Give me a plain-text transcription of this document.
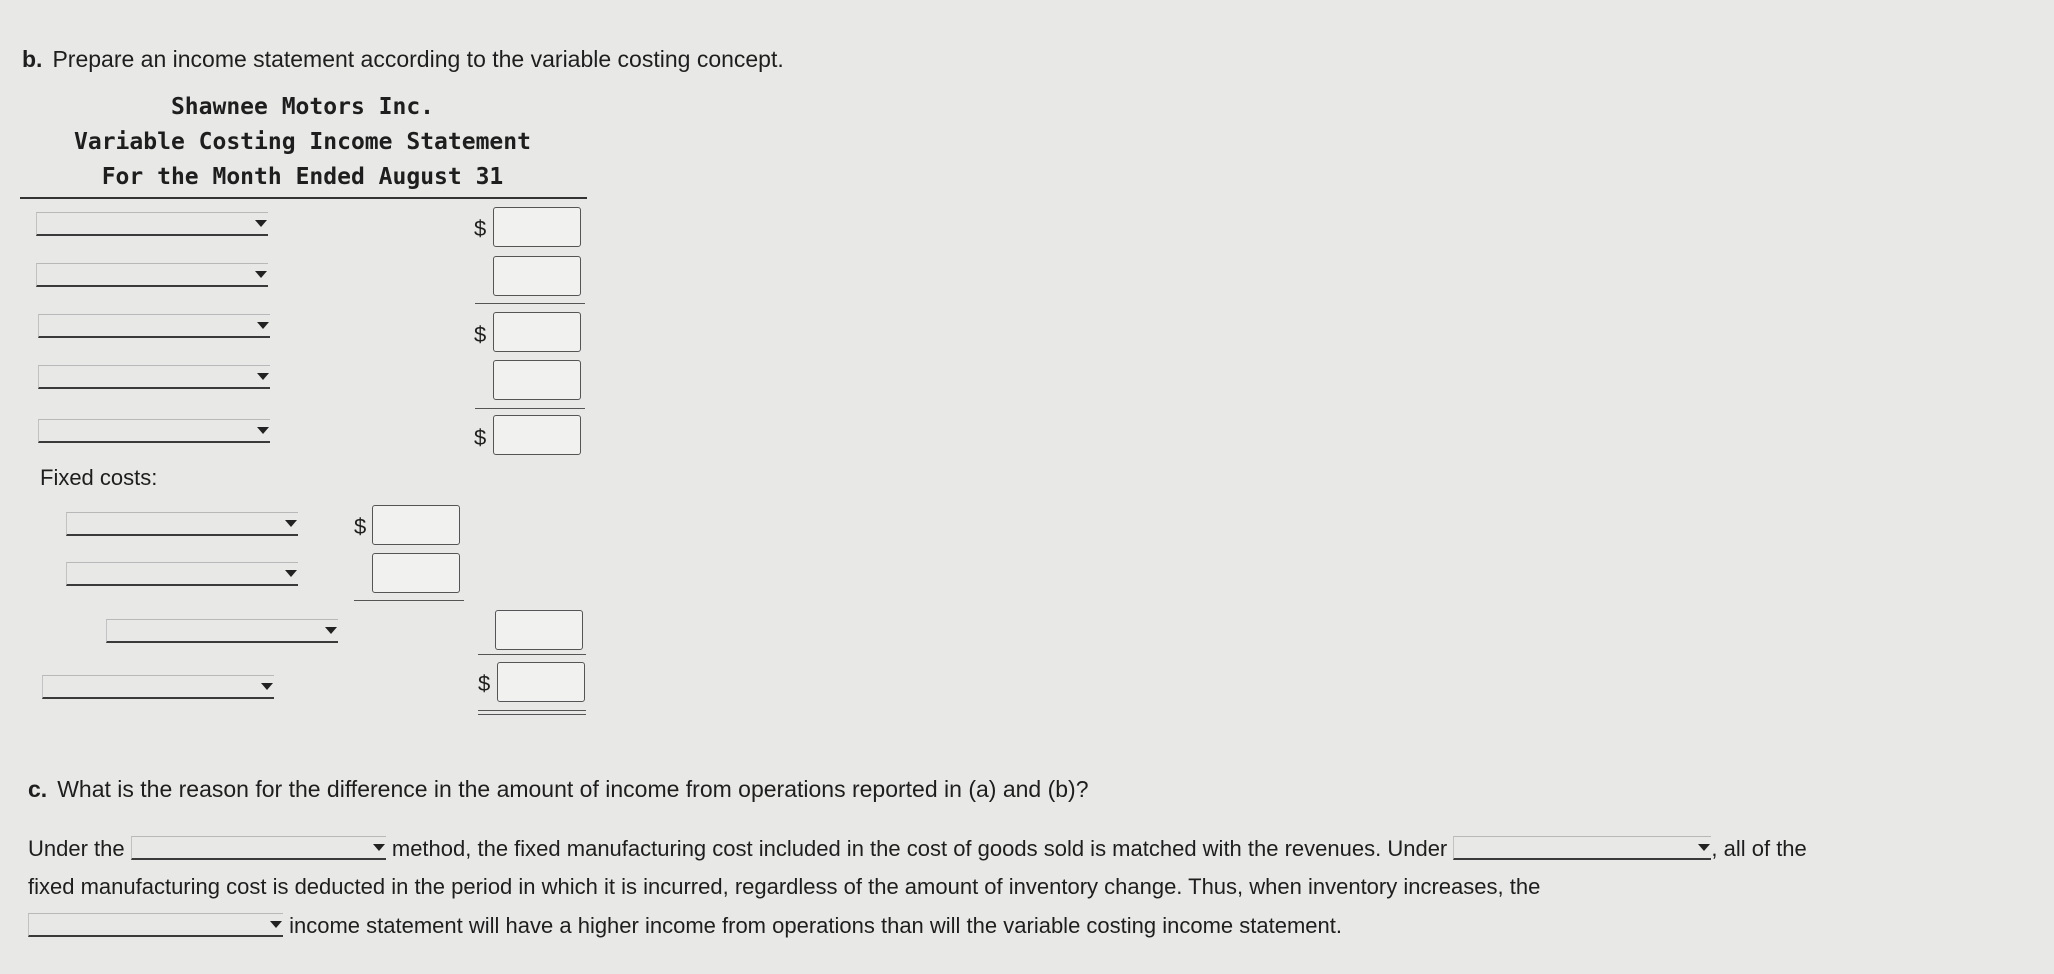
b. Prepare an income statement according to the variable costing concept.
Shawnee Motors Inc.
Variable Costing Income Statement
For the Month Ended August 31
$
$
$
Fixed costs:
$
$
c. What is the reason for the difference in the amount of income from operations reported in (a) and (b)?
Under the	method, the fixed manufacturing cost included in the cost of goods sold is matched with the revenues. Under	, all of the
fixed manufacturing cost is deducted in the period in which it is incurred, regardless of the amount of inventory change. Thus, when inventory increases, the
income statement will have a higher income from operations than will the variable costing income statement.
